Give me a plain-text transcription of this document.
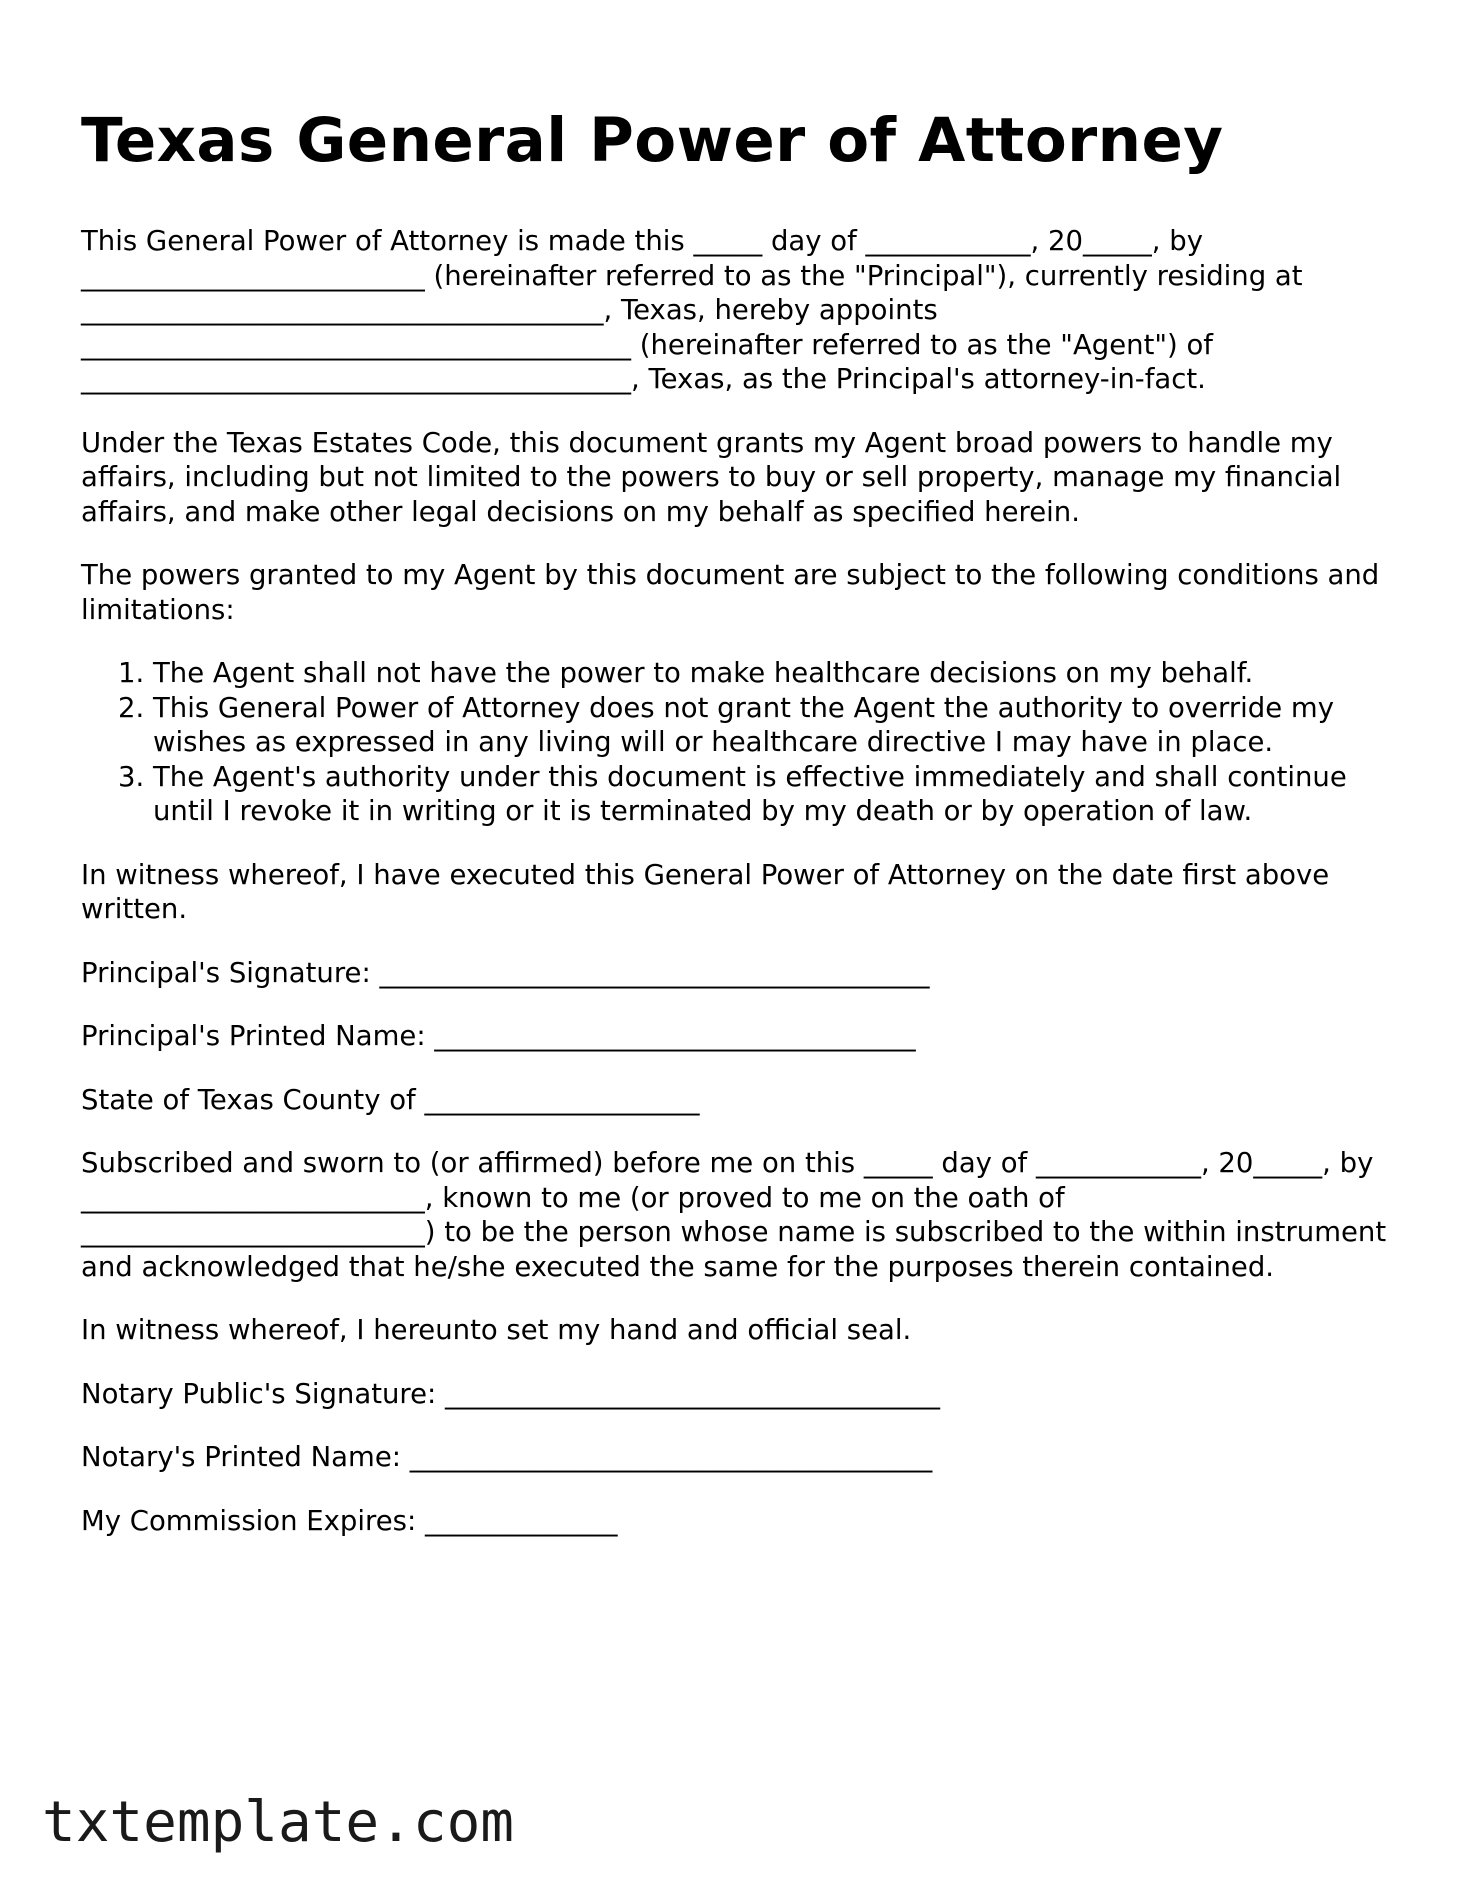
Texas General Power of Attorney

This General Power of Attorney is made this _____ day of ____________, 20_____, by _________________________ (hereinafter referred to as the "Principal"), currently residing at ______________________________________, Texas, hereby appoints ________________________________________ (hereinafter referred to as the "Agent") of ________________________________________, Texas, as the Principal's attorney-in-fact.

Under the Texas Estates Code, this document grants my Agent broad powers to handle my affairs, including but not limited to the powers to buy or sell property, manage my financial affairs, and make other legal decisions on my behalf as specified herein.

The powers granted to my Agent by this document are subject to the following conditions and limitations:

1. The Agent shall not have the power to make healthcare decisions on my behalf.
2. This General Power of Attorney does not grant the Agent the authority to override my wishes as expressed in any living will or healthcare directive I may have in place.
3. The Agent's authority under this document is effective immediately and shall continue until I revoke it in writing or it is terminated by my death or by operation of law.

In witness whereof, I have executed this General Power of Attorney on the date first above written.

Principal's Signature: ________________________________________
Principal's Printed Name: ___________________________________
State of Texas County of ____________________

Subscribed and sworn to (or affirmed) before me on this _____ day of ____________, 20_____, by _________________________, known to me (or proved to me on the oath of _________________________) to be the person whose name is subscribed to the within instrument and acknowledged that he/she executed the same for the purposes therein contained.

In witness whereof, I hereunto set my hand and official seal.

Notary Public's Signature: ____________________________________
Notary's Printed Name: ______________________________________
My Commission Expires: ______________
txtemplate.com
